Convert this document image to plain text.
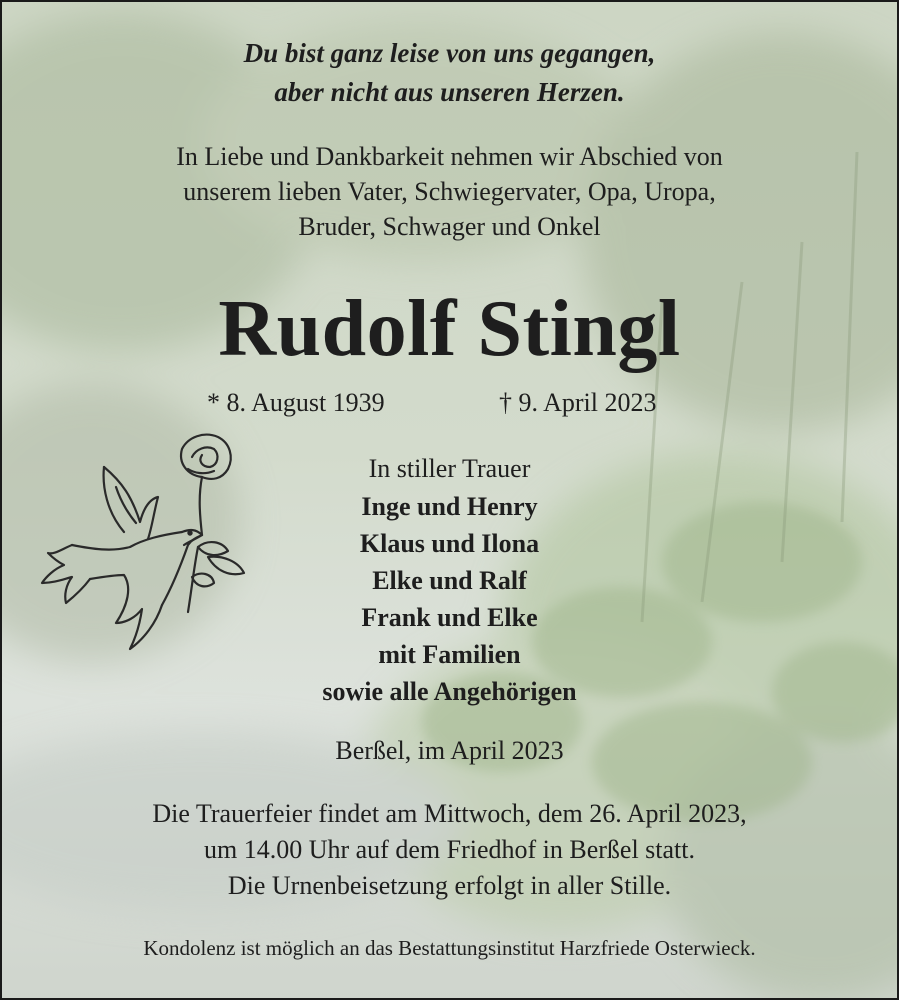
Du bist ganz leise von uns gegangen,
aber nicht aus unseren Herzen.
In Liebe und Dankbarkeit nehmen wir Abschied von
unserem lieben Vater, Schwiegervater, Opa, Uropa,
Bruder, Schwager und Onkel
Rudolf Stingl
* 8. August 1939	† 9. April 2023
In stiller Trauer
Inge und Henry
Klaus und Ilona
Elke und Ralf
Frank und Elke
mit Familien
sowie alle Angehörigen
Berßel, im April 2023
Die Trauerfeier findet am Mittwoch, dem 26. April 2023,
um 14.00 Uhr auf dem Friedhof in Berßel statt.
Die Urnenbeisetzung erfolgt in aller Stille.
Kondolenz ist möglich an das Bestattungsinstitut Harzfriede Osterwieck.
